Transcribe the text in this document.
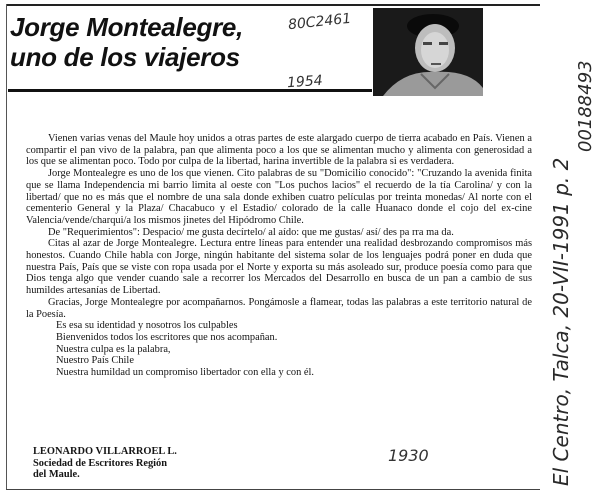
Jorge Montealegre,
uno de los viajeros
80C2461
1954

Vienen varias venas del Maule hoy unidos a otras partes de este alargado cuerpo de tierra acabado en País. Vienen a compartir el pan vivo de la palabra, pan que alimenta poco a los que se alimentan mucho y alimenta con generosidad a los que se alimentan poco. Todo por culpa de la libertad, harina invertible de la palabra si es verdadera.

Jorge Montealegre es uno de los que vienen. Cito palabras de su "Domicilio conocido": "Cruzando la avenida finita que se llama Independencia mi barrio limita al oeste con "Los puchos lacios" el recuerdo de la tía Carolina/ y con la libertad/ que no es más que el nombre de una sala donde exhiben cuatro películas por treinta monedas/ Al norte con el cementerio General y la Plaza/ Chacabuco y el Estadio/ colorado de la calle Huanaco donde el cojo del ex-cine Valencia/vende/charqui/a los mismos jinetes del Hipódromo Chile.

De "Requerimientos": Despacio/ me gusta decírtelo/ al aído: que me gustas/ así/ des pa rra ma da.

Citas al azar de Jorge Montealegre. Lectura entre líneas para entender una realidad desbrozando compromisos más honestos. Cuando Chile habla con Jorge, ningún habitante del sistema solar de los lenguajes podrá poner en duda que nuestra País, País que se viste con ropa usada por el Norte y exporta su más asoleado sur, produce poesía como para que Dios tenga algo que vender cuando sale a recorrer los Mercados del Desarrollo en busca de un pan a cambio de sus humildes artesanías de Libertad.

Gracias, Jorge Montealegre por acompañarnos. Pongámosle a flamear, todas las palabras a este territorio natural de la Poesía.

Es esa su identidad y nosotros los culpables
Bienvenidos todos los escritores que nos acompañan.
Nuestra culpa es la palabra,
Nuestro País Chile
Nuestra humildad un compromiso libertador con ella y con él.
LEONARDO VILLARROEL L.
Sociedad de Escritores Región
del Maule.
1930	El Centro, Talca, 20-VII-1991 p. 2
00188493
